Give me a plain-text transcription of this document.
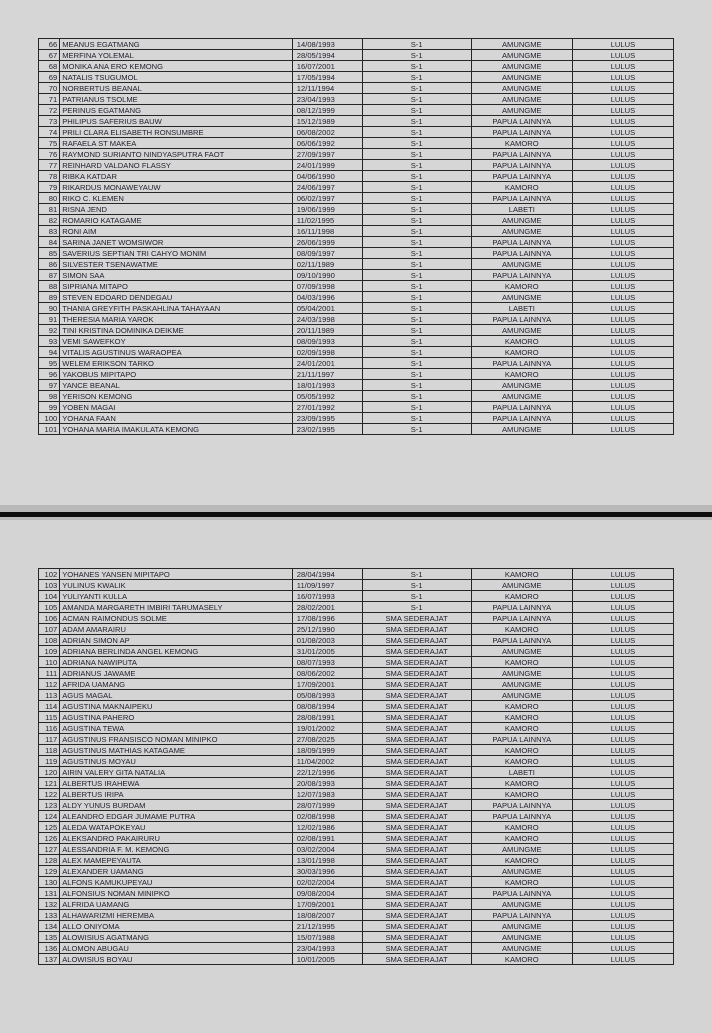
66	MEANUS EGATMANG	14/08/1993	S-1	AMUNGME	LULUS
67	MERFINA YOLEMAL	28/05/1994	S-1	AMUNGME	LULUS
68	MONIKA ANA ERO KEMONG	16/07/2001	S-1	AMUNGME	LULUS
69	NATALIS TSUGUMOL	17/05/1994	S-1	AMUNGME	LULUS
70	NORBERTUS BEANAL	12/11/1994	S-1	AMUNGME	LULUS
71	PATRIANUS TSOLME	23/04/1993	S-1	AMUNGME	LULUS
72	PERINUS EGATMANG	08/12/1999	S-1	AMUNGME	LULUS
73	PHILIPUS SAFERIUS BAUW	15/12/1989	S-1	PAPUA LAINNYA	LULUS
74	PRILI CLARA ELISABETH RONSUMBRE	06/08/2002	S-1	PAPUA LAINNYA	LULUS
75	RAFAELA ST MAKEA	06/06/1992	S-1	KAMORO	LULUS
76	RAYMOND SURIANTO NINDYASPUTRA FAOT	27/09/1997	S-1	PAPUA LAINNYA	LULUS
77	REINHARD VALDANO FLASSY	24/01/1999	S-1	PAPUA LAINNYA	LULUS
78	RIBKA KATDAR	04/06/1990	S-1	PAPUA LAINNYA	LULUS
79	RIKARDUS MONAWEYAUW	24/06/1997	S-1	KAMORO	LULUS
80	RIKO C. KLEMEN	06/02/1997	S-1	PAPUA LAINNYA	LULUS
81	RISNA JEND	19/06/1999	S-1	LABETI	LULUS
82	ROMARIO KATAGAME	11/02/1995	S-1	AMUNGME	LULUS
83	RONI AIM	16/11/1998	S-1	AMUNGME	LULUS
84	SARINA JANET WOMSIWOR	26/06/1999	S-1	PAPUA LAINNYA	LULUS
85	SAVERIUS SEPTIAN TRI CAHYO MONIM	08/09/1997	S-1	PAPUA LAINNYA	LULUS
86	SILVESTER TSENAWATME	02/11/1989	S-1	AMUNGME	LULUS
87	SIMON SAA	09/10/1990	S-1	PAPUA LAINNYA	LULUS
88	SIPRIANA MITAPO	07/09/1998	S-1	KAMORO	LULUS
89	STEVEN EDOARD DENDEGAU	04/03/1996	S-1	AMUNGME	LULUS
90	THANIA GREYFITH PASKAHLINA TAHAYAAN	05/04/2001	S-1	LABETI	LULUS
91	THERESIA MARIA YAROK	24/03/1998	S-1	PAPUA LAINNYA	LULUS
92	TINI KRISTINA DOMINIKA DEIKME	20/11/1989	S-1	AMUNGME	LULUS
93	VEMI SAWEFKOY	08/09/1993	S-1	KAMORO	LULUS
94	VITALIS AGUSTINUS WARAOPEA	02/09/1998	S-1	KAMORO	LULUS
95	WELEM ERIKSON TARKO	24/01/2001	S-1	PAPUA LAINNYA	LULUS
96	YAKOBUS MIPITAPO	21/11/1997	S-1	KAMORO	LULUS
97	YANCE BEANAL	18/01/1993	S-1	AMUNGME	LULUS
98	YERISON KEMONG	05/05/1992	S-1	AMUNGME	LULUS
99	YOBEN MAGAI	27/01/1992	S-1	PAPUA LAINNYA	LULUS
100	YOHANA FAAN	23/09/1995	S-1	PAPUA LAINNYA	LULUS
101	YOHANA MARIA IMAKULATA KEMONG	23/02/1995	S-1	AMUNGME	LULUS
102	YOHANES YANSEN MIPITAPO	28/04/1994	S-1	KAMORO	LULUS
103	YULINUS KWALIK	11/09/1997	S-1	AMUNGME	LULUS
104	YULIYANTI KULLA	16/07/1993	S-1	KAMORO	LULUS
105	AMANDA MARGARETH IMBIRI TARUMASELY	28/02/2001	S-1	PAPUA LAINNYA	LULUS
106	ACMAN RAIMONDUS SOLME	17/08/1996	SMA SEDERAJAT	PAPUA LAINNYA	LULUS
107	ADAM AMARAIRU	25/12/1990	SMA SEDERAJAT	KAMORO	LULUS
108	ADRIAN SIMON AP	01/08/2003	SMA SEDERAJAT	PAPUA LAINNYA	LULUS
109	ADRIANA BERLINDA ANGEL KEMONG	31/01/2005	SMA SEDERAJAT	AMUNGME	LULUS
110	ADRIANA NAWIPUTA	08/07/1993	SMA SEDERAJAT	KAMORO	LULUS
111	ADRIANUS JAWAME	08/06/2002	SMA SEDERAJAT	AMUNGME	LULUS
112	AFRIDA UAMANG	17/09/2001	SMA SEDERAJAT	AMUNGME	LULUS
113	AGUS MAGAL	05/08/1993	SMA SEDERAJAT	AMUNGME	LULUS
114	AGUSTINA MAKNAIPEKU	08/08/1994	SMA SEDERAJAT	KAMORO	LULUS
115	AGUSTINA PAHERO	28/08/1991	SMA SEDERAJAT	KAMORO	LULUS
116	AGUSTINA TEWA	19/01/2002	SMA SEDERAJAT	KAMORO	LULUS
117	AGUSTINUS FRANSISCO NOMAN MINIPKO	27/08/2025	SMA SEDERAJAT	PAPUA LAINNYA	LULUS
118	AGUSTINUS MATHIAS KATAGAME	18/09/1999	SMA SEDERAJAT	KAMORO	LULUS
119	AGUSTINUS MOYAU	11/04/2002	SMA SEDERAJAT	KAMORO	LULUS
120	AIRIN VALERY GITA NATALIA	22/12/1996	SMA SEDERAJAT	LABETI	LULUS
121	ALBERTUS IRAHEWA	20/08/1993	SMA SEDERAJAT	KAMORO	LULUS
122	ALBERTUS IRIPA	12/07/1983	SMA SEDERAJAT	KAMORO	LULUS
123	ALDY YUNUS BURDAM	28/07/1999	SMA SEDERAJAT	PAPUA LAINNYA	LULUS
124	ALEANDRO EDGAR JUMAME PUTRA	02/08/1998	SMA SEDERAJAT	PAPUA LAINNYA	LULUS
125	ALEDA WATAPOKEYAU	12/02/1986	SMA SEDERAJAT	KAMORO	LULUS
126	ALEKSANDRO PAKAIRURU	02/08/1991	SMA SEDERAJAT	KAMORO	LULUS
127	ALESSANDRIA F. M. KEMONG	03/02/2004	SMA SEDERAJAT	AMUNGME	LULUS
128	ALEX MAMEPEYAUTA	13/01/1998	SMA SEDERAJAT	KAMORO	LULUS
129	ALEXANDER UAMANG	30/03/1996	SMA SEDERAJAT	AMUNGME	LULUS
130	ALFONS KAMUKUPEYAU	02/02/2004	SMA SEDERAJAT	KAMORO	LULUS
131	ALFONSIUS NOMAN MINIPKO	09/08/2004	SMA SEDERAJAT	PAPUA LAINNYA	LULUS
132	ALFRIDA UAMANG	17/09/2001	SMA SEDERAJAT	AMUNGME	LULUS
133	ALHAWARIZMI HEREMBA	18/08/2007	SMA SEDERAJAT	PAPUA LAINNYA	LULUS
134	ALLO ONIYOMA	21/12/1995	SMA SEDERAJAT	AMUNGME	LULUS
135	ALOWISIUS AGATMANG	15/07/1988	SMA SEDERAJAT	AMUNGME	LULUS
136	ALOMON ABUGAU	23/04/1993	SMA SEDERAJAT	AMUNGME	LULUS
137	ALOWISIUS BOYAU	10/01/2005	SMA SEDERAJAT	KAMORO	LULUS
